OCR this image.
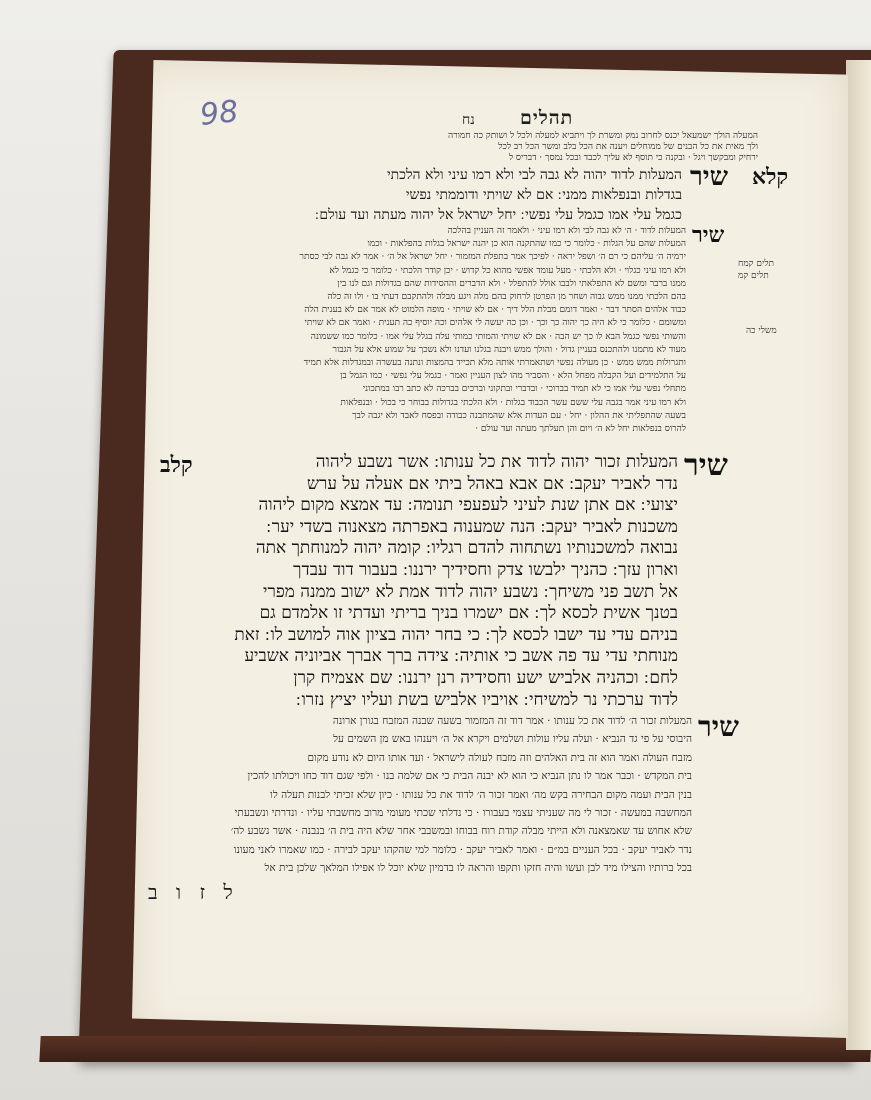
98	נח תהלים
המעלה הולך ישמעאל יכנס לחרוב נמק ומשרת לך ויתביא למעלה ולכל ל ושותק כה חמורה
ולך מאית את כל הבנים של ממוחלים ויענה את הכל בלב ומשר הכל רב לכל
ירחיק ומבקשך ויגל · ובקנה כי תוסף לא עליך לכבד ובכל נמסך · דבריס ל
שיר קלא
המעלות לדוד יהוה לא גבה לבי ולא רמו עיני ולא הלכתי
בגדלות ובנפלאות ממני ׃ אם לא שויתי ודוממתי נפשי
כגמל עלי אמו כגמל עלי נפשי ׃ יחל ישראל אל יהוה מעתה ועד עולם ׃
שיר
המעלות לדוד · ה׳ לא גבה לבי ולא רמו עיני · ולאמר זה העניין בהלכה
המעלות שהם על הגלות · כלומר כי כמו שהתקנה הוא כן יהנה ישראל בגלות בהפלאות · וכמו
ירמיה ה׳ עליהם כי רם ה׳ ושפל יראה · לפיכך אמר בתפלת המזמור · יחל ישראל אל ה׳ · אמר לא גבה לבי כסתר
ולא רמו עיני כגלוי · ולא הלכתי · מעל עומד אפשי מהוא כל קדוש · יכן קודר הלכתי · כלומר כי כגמל לא
ממנו ברבר ומשם לא התפלאתי ולבבו אולל להתפלל · ולא הדברים וההסידות שהם בגדולות וגם לנו בין
בהם הלכתי ממנו ממש גבוה ושחר מן הפרטן לרחוק בהם מלה ויגע מבלה ולהתקבם דעתי בו · ולו זה כלה
כבוד אלהים הסתר דבר · ואמר דומם מבלת הלל דיך · אם לא שויתי · מופה הלמוט לא אמר אם לא בענית הלה
ומשומם · כלומר כי לא היה כך יהוה כך וכך · וכן כה יעשה לי אלהים וכה יוסיף כה תענית · ואמר אם לא שויתי
והשותי נפשי כגמל הבא לו כך יש הבה · אם לא שויתי והמותי כמותי עלה בגלל עלי אמו · כלומר כמו ששמונה
מעוד לא מתמנו ולהתכנס בעניין גדול · והולך ממש ויבנה בגלנו ועדנו ולא נשכך על שמוע אלא על הגבור
ותגרולות ממש ממש · כן מעולה נפשי ושתאמרתי אותה מלא תכייד בהמצות ונתנה בעשרה ובמגדלות אלא תמיד
על התלמידים ועל הקבלה מפחל הלא · והסביר מהו לצון העניין ואמר · כגמל עלי נפשי · כמו הגמל בן
מתחלי נפשי עלי אמו כי לא תמיד בברוכי · ובדברי ובתקוני וברכים בברכה לא כתב רבו במתכוני
ולא רמו עיני אמר בגבה עלי ששם עשר הכבוד בגלות · ולא הלכתי בגדולות בבוחר כי בכול · ובנפלאות
בשעה שהתפליתי את ההלון · יחל · עם העדות אלא שהמתבנה כבודה ובפסח לאבד ולא יגבה לבך
להרוס בנפלאות יחל לא ה׳ ויום והן תעלתך מעתה ועד עולם ·
תלים קמח
תלים קמ
משלי כה
שיר
קלב	המעלות זכור יהוה לדוד את כל ענותו ׃ אשר נשבע ליהוה
נדר לאביר יעקב ׃ אם אבא באהל ביתי אם אעלה על ערש
יצועי ׃ אם אתן שנת לעיני לעפעפי תנומה ׃ עד אמצא מקום ליהוה
משכנות לאביר יעקב ׃ הנה שמענוה באפרתה מצאנוה בשדי יער ׃
נבואה למשכנותיו נשתחוה להדם רגליו ׃ קומה יהוה למנוחתך אתה
וארון עזך ׃ כהניך ילבשו צדק וחסידיך ירננו ׃ בעבור דוד עבדך
אל תשב פני משיחך ׃ נשבע יהוה לדוד אמת לא ישוב ממנה מפרי
בטנך אשית לכסא לך ׃ אם ישמרו בניך בריתי ועדתי זו אלמדם גם
בניהם עדי עד ישבו לכסא לך ׃ כי בחר יהוה בציון אוה למושב לו ׃ זאת
מנוחתי עדי עד פה אשב כי אותיה ׃ צידה ברך אברך אביוניה אשביע
לחם ׃ וכהניה אלביש ישע וחסידיה רנן ירננו ׃ שם אצמיח קרן
לדוד ערכתי נר למשיחי ׃ אויביו אלביש בשת ועליו יציץ נזרו ׃
שיר
המעלות זכור ה׳ לדוד את כל ענותו · אמר דוד זה המזמור בשעה שבנה המזבח בגורן ארונה
היבוסי על פי גד הנביא · ועלה עליו עולות ושלמים ויקרא אל ה׳ ויענהו באש מן השמים על
מזבח העולה ואמר הוא זה בית האלהים וזה מזבח לעולה לישראל · ועד אותו היום לא נודע מקום
בית המקדש · וכבר אמר לו נתן הנביא כי הוא לא יבנה הבית כי אם שלמה בנו · ולפי שגם דוד כחו ויכולתו להכין
בנין הבית ועמה מקום הבחירה בקש מה׳ ואמר זכור ה׳ לדוד את כל ענותו · כיון שלא זכיתי לבנות תעלה לו
המחשבה במעשה · זכור לי מה שעניתי עצמי בעבורו · כי נדלתי שכתי מעומי מרוב מחשבתי עליו · ונדרתי ונשבעתי
שלא אחוש עד שאמצאנה ולא הייתי מבלה קודת רוח בבוחו ובמשבבי אחר שלא היה בית ה׳ בנבנה · אשר נשבע לה׳
נדר לאביר יעקב · בכל העניים במ״ם · ואמר לאביר יעקב · כלומר למי שהקהו יעקב לבירה · כמו שאמרו לאני מעונו
בכל ברותיו והצילו מיד לבן ועשו והיה חזקו ותקפו והראה לו בדמיון שלא יוכל לו אפילו המלאך שלכן בית אל
ל ז ו ב
